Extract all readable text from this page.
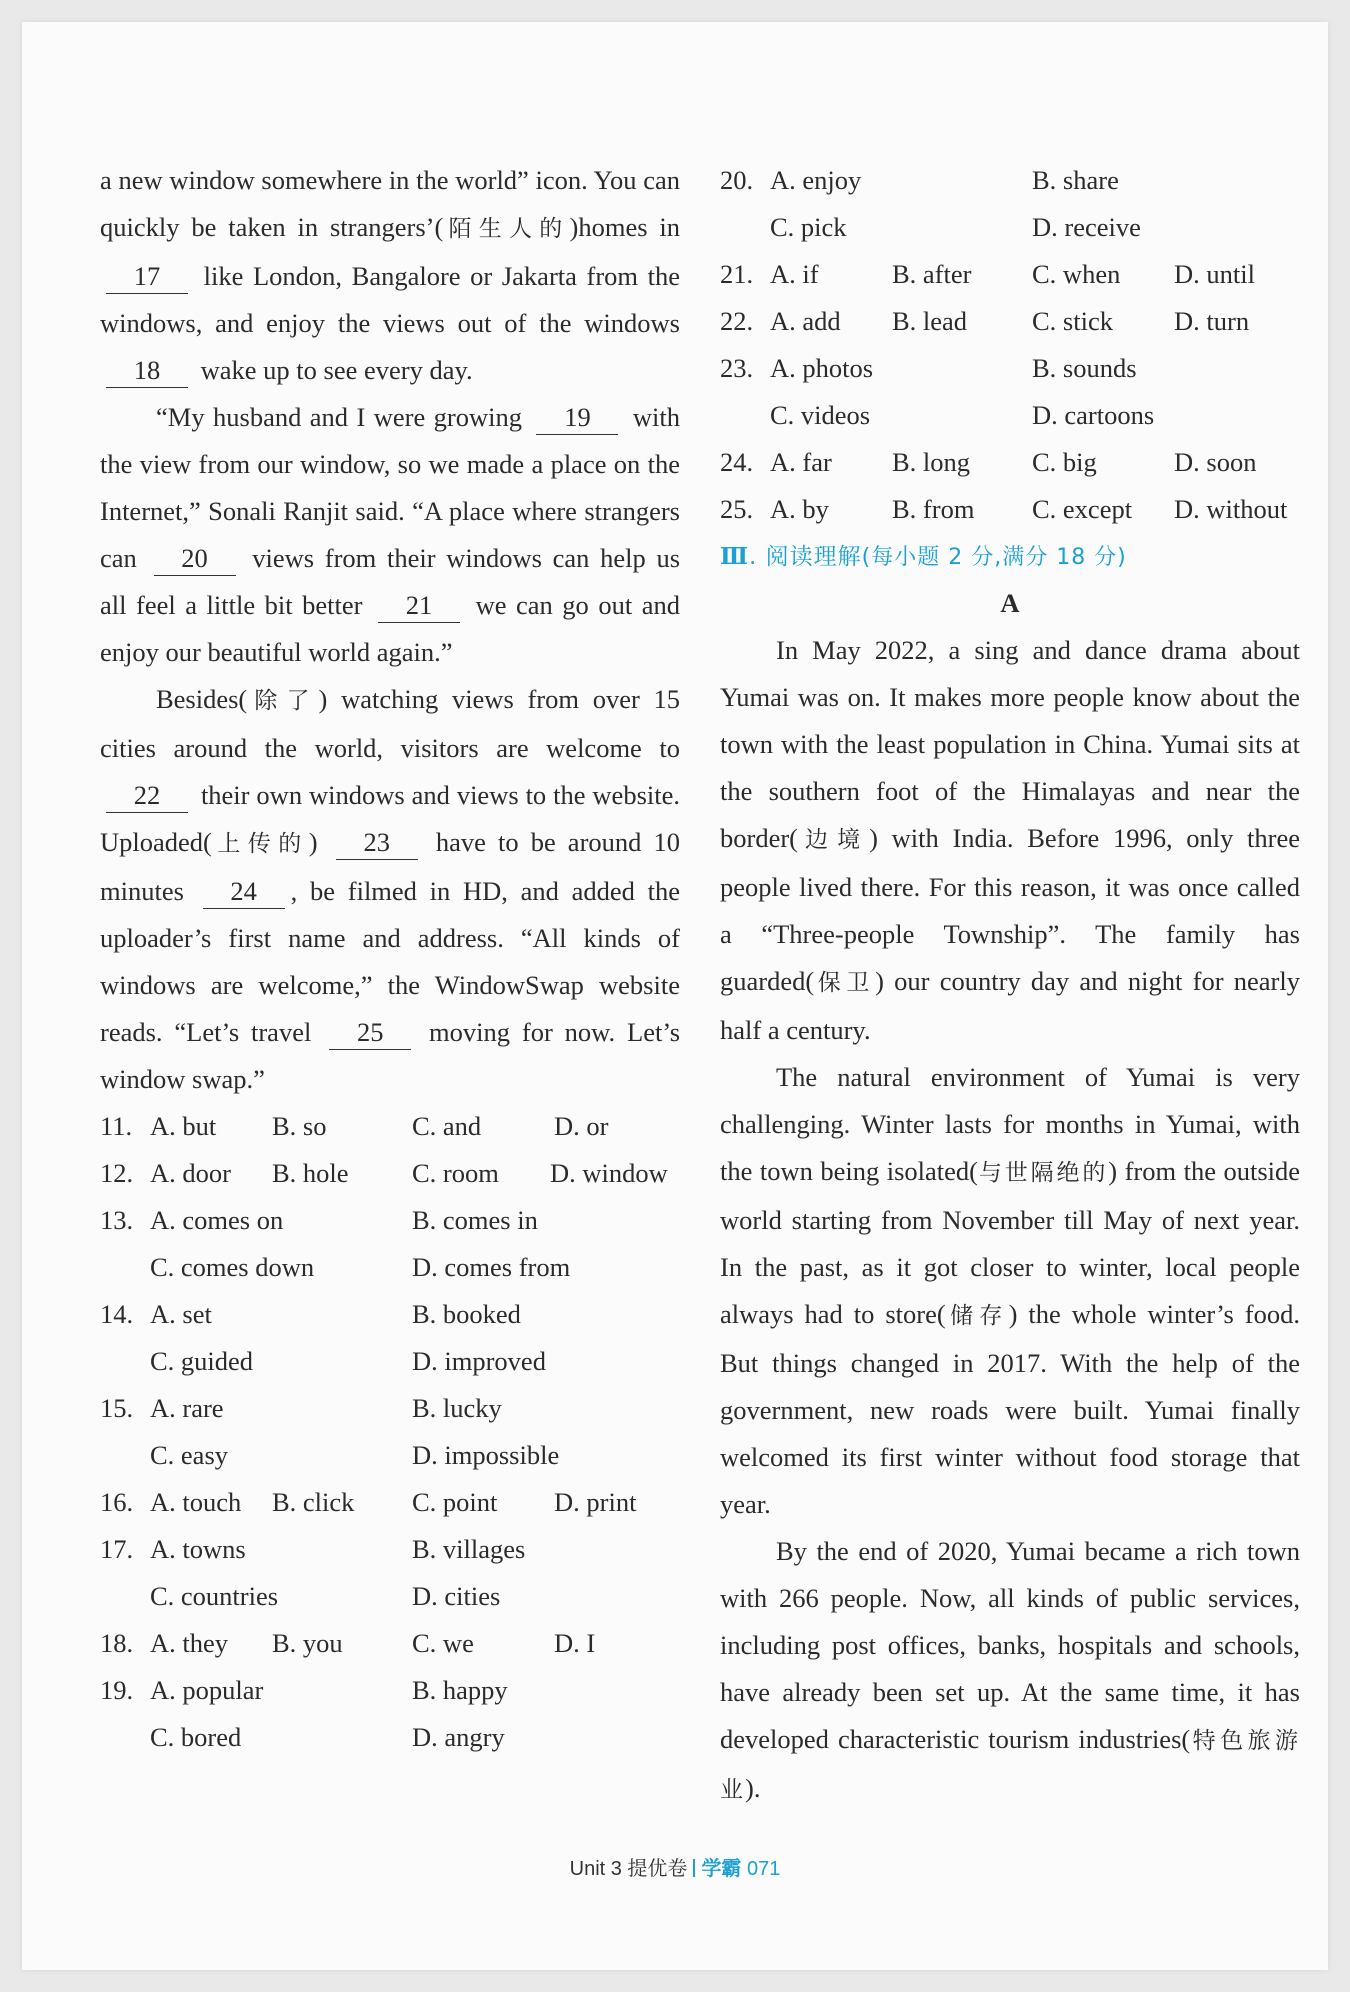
a new window somewhere in the world” icon. You can quickly be taken in strangers’(陌生人的)homes in 17 like London, Bangalore or Jakarta from the windows, and enjoy the views out of the windows 18 wake up to see every day.

“My husband and I were growing 19 with the view from our window, so we made a place on the Internet,” Sonali Ranjit said. “A place where strangers can 20 views from their windows can help us all feel a little bit better 21 we can go out and enjoy our beautiful world again.”

Besides(除了) watching views from over 15 cities around the world, visitors are welcome to 22 their own windows and views to the website. Uploaded(上传的) 23 have to be around 10 minutes 24 , be filmed in HD, and added the uploader’s first name and address. “All kinds of windows are welcome,” the WindowSwap website reads. “Let’s travel 25 moving for now. Let’s window swap.”

11. A. but B. so	C. and	D. or
12. A. door B. hole C. room D. window
13. A. comes on	B. comes in
C. comes down	D. comes from
14. A. set	B. booked
C. guided	D. improved
15. A. rare	B. lucky
C. easy	D. impossible
16. A. touch B. click C. point D. print
17. A. towns	B. villages
C. countries	D. cities
18. A. they B. you	C. we	D. I
19. A. popular	B. happy
C. bored	D. angry
20. A. enjoy	B. share
C. pick	D. receive
21. A. if	B. after C. when D. until
22. A. add B. lead C. stick D. turn
23. A. photos	B. sounds
C. videos	D. cartoons
24. A. far B. long C. big	D. soon
25. A. by B. from C. except D. without
Ⅲ. 阅读理解(每小题 2 分,满分 18 分)
A

In May 2022, a sing and dance drama about Yumai was on. It makes more people know about the town with the least population in China. Yumai sits at the southern foot of the Himalayas and near the border(边境) with India. Before 1996, only three people lived there. For this reason, it was once called a “Three-people Township”. The family has guarded(保卫) our country day and night for nearly half a century.

The natural environment of Yumai is very challenging. Winter lasts for months in Yumai, with the town being isolated(与世隔绝的) from the outside world starting from November till May of next year. In the past, as it got closer to winter, local people always had to store(储存) the whole winter’s food. But things changed in 2017. With the help of the government, new roads were built. Yumai finally welcomed its first winter without food storage that year.

By the end of 2020, Yumai became a rich town with 266 people. Now, all kinds of public services, including post offices, banks, hospitals and schools, have already been set up. At the same time, it has developed characteristic tourism industries(特色旅游业).

Unit 3 提优卷 学霸 071
